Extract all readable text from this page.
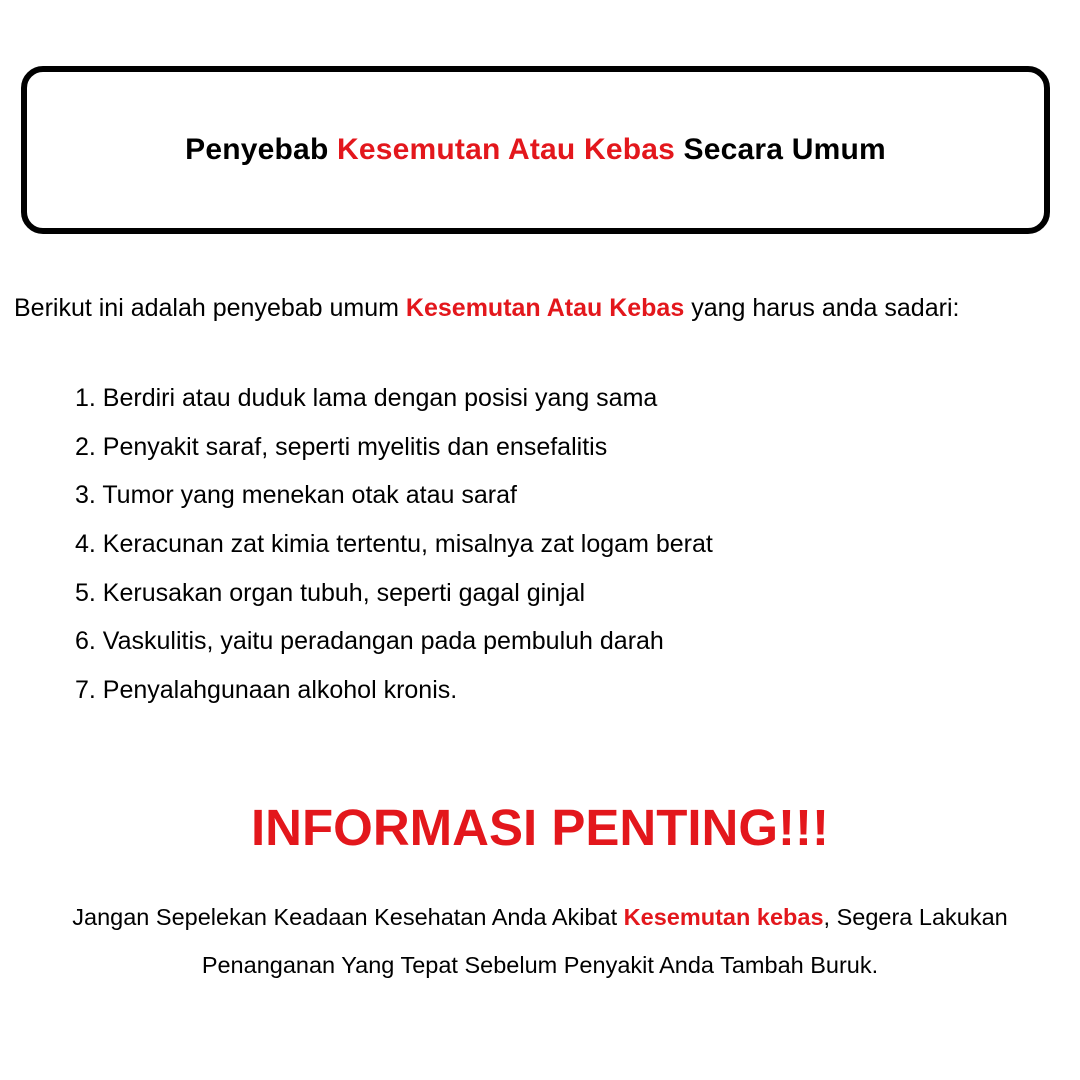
Penyebab Kesemutan Atau Kebas Secara Umum
Berikut ini adalah penyebab umum Kesemutan Atau Kebas yang harus anda sadari:
1. Berdiri atau duduk lama dengan posisi yang sama
2. Penyakit saraf, seperti myelitis dan ensefalitis
3. Tumor yang menekan otak atau saraf
4. Keracunan zat kimia tertentu, misalnya zat logam berat
5. Kerusakan organ tubuh, seperti gagal ginjal
6. Vaskulitis, yaitu peradangan pada pembuluh darah
7. Penyalahgunaan alkohol kronis.
INFORMASI PENTING!!!
Jangan Sepelekan Keadaan Kesehatan Anda Akibat Kesemutan kebas, Segera Lakukan
Penanganan Yang Tepat Sebelum Penyakit Anda Tambah Buruk.
